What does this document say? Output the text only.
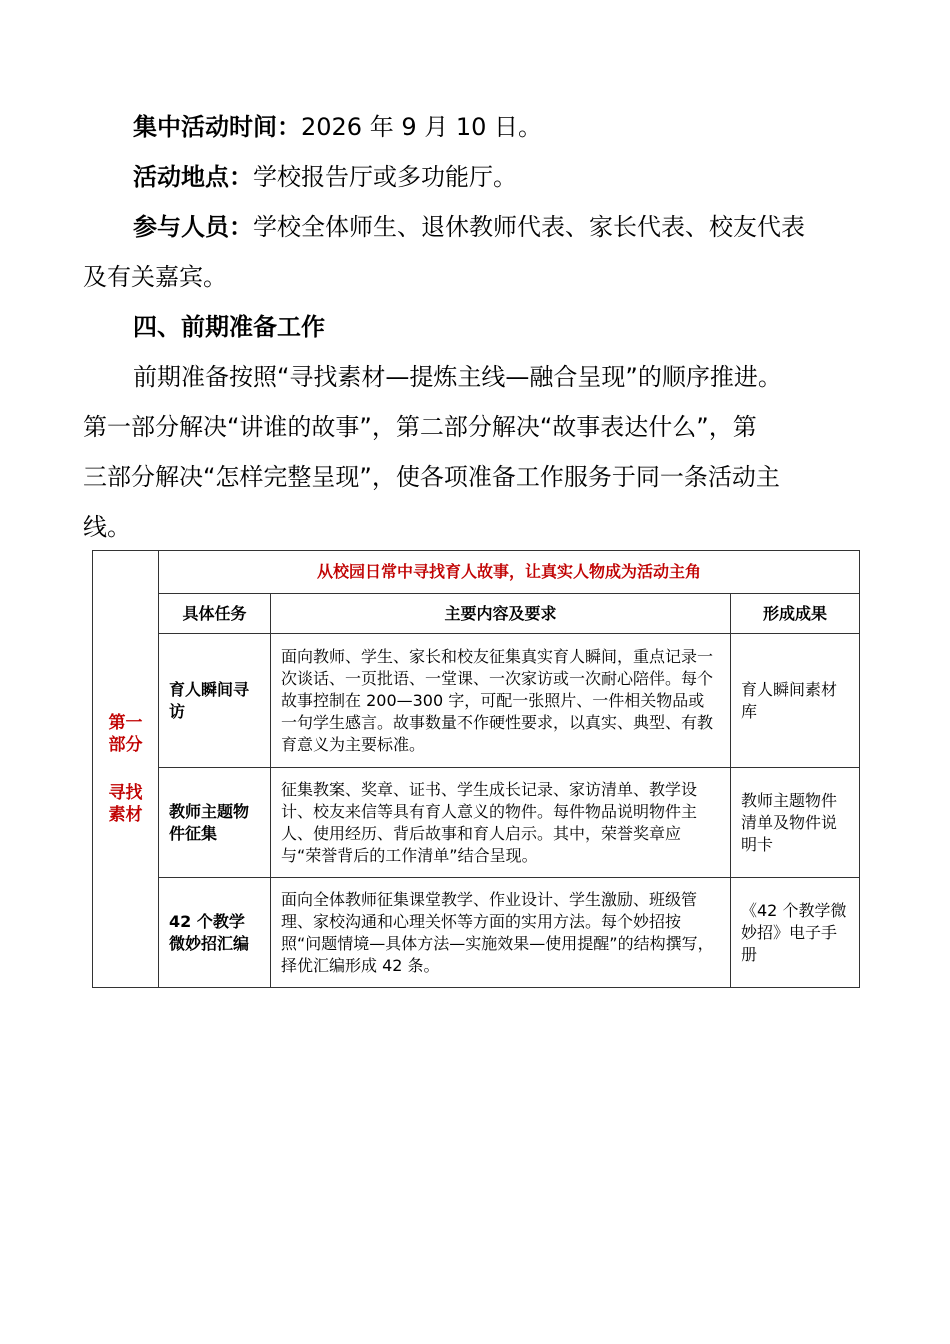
集中活动时间：2026 年 9 月 10 日。
活动地点：学校报告厅或多功能厅。
参与人员：学校全体师生、退休教师代表、家长代表、校友代表
及有关嘉宾。
四、前期准备工作
前期准备按照“寻找素材—提炼主线—融合呈现”的顺序推进。
第一部分解决“讲谁的故事”，第二部分解决“故事表达什么”，第
三部分解决“怎样完整呈现”，使各项准备工作服务于同一条活动主
线。
第一
部分
寻找
素材	从校园日常中寻找育人故事，让真实人物成为活动主角		
	具体任务	主要内容及要求	形成成果
	育人瞬间寻访	面向教师、学生、家长和校友征集真实育人瞬间，重点记录一次谈话、一页批语、一堂课、一次家访或一次耐心陪伴。每个故事控制在 200—300 字，可配一张照片、一件相关物品或一句学生感言。故事数量不作硬性要求，以真实、典型、有教育意义为主要标准。	育人瞬间素材库
	教师主题物件征集	征集教案、奖章、证书、学生成长记录、家访清单、教学设计、校友来信等具有育人意义的物件。每件物品说明物件主人、使用经历、背后故事和育人启示。其中，荣誉奖章应与“荣誉背后的工作清单”结合呈现。	教师主题物件清单及物件说明卡
	42 个教学微妙招汇编	面向全体教师征集课堂教学、作业设计、学生激励、班级管理、家校沟通和心理关怀等方面的实用方法。每个妙招按照“问题情境—具体方法—实施效果—使用提醒”的结构撰写，择优汇编形成 42 条。	《42 个教学微妙招》电子手册
